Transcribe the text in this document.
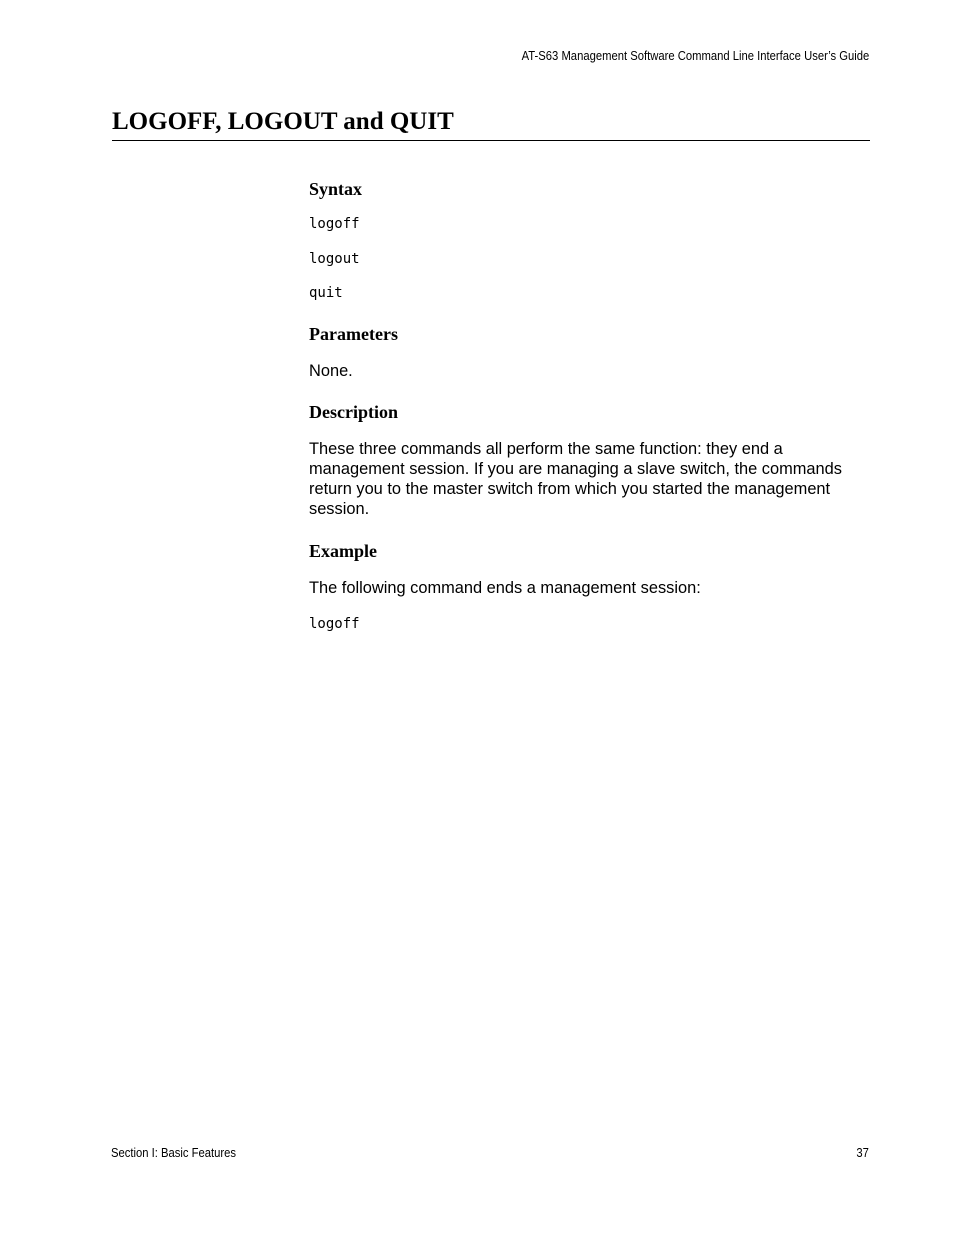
AT-S63 Management Software Command Line Interface User’s Guide
LOGOFF, LOGOUT and QUIT
Syntax

logoff

logout

quit

Parameters

None.

Description

These three commands all perform the same function: they end a management session. If you are managing a slave switch, the commands return you to the master switch from which you started the management session.

Example

The following command ends a management session:

logoff

Section I: Basic Features	37
